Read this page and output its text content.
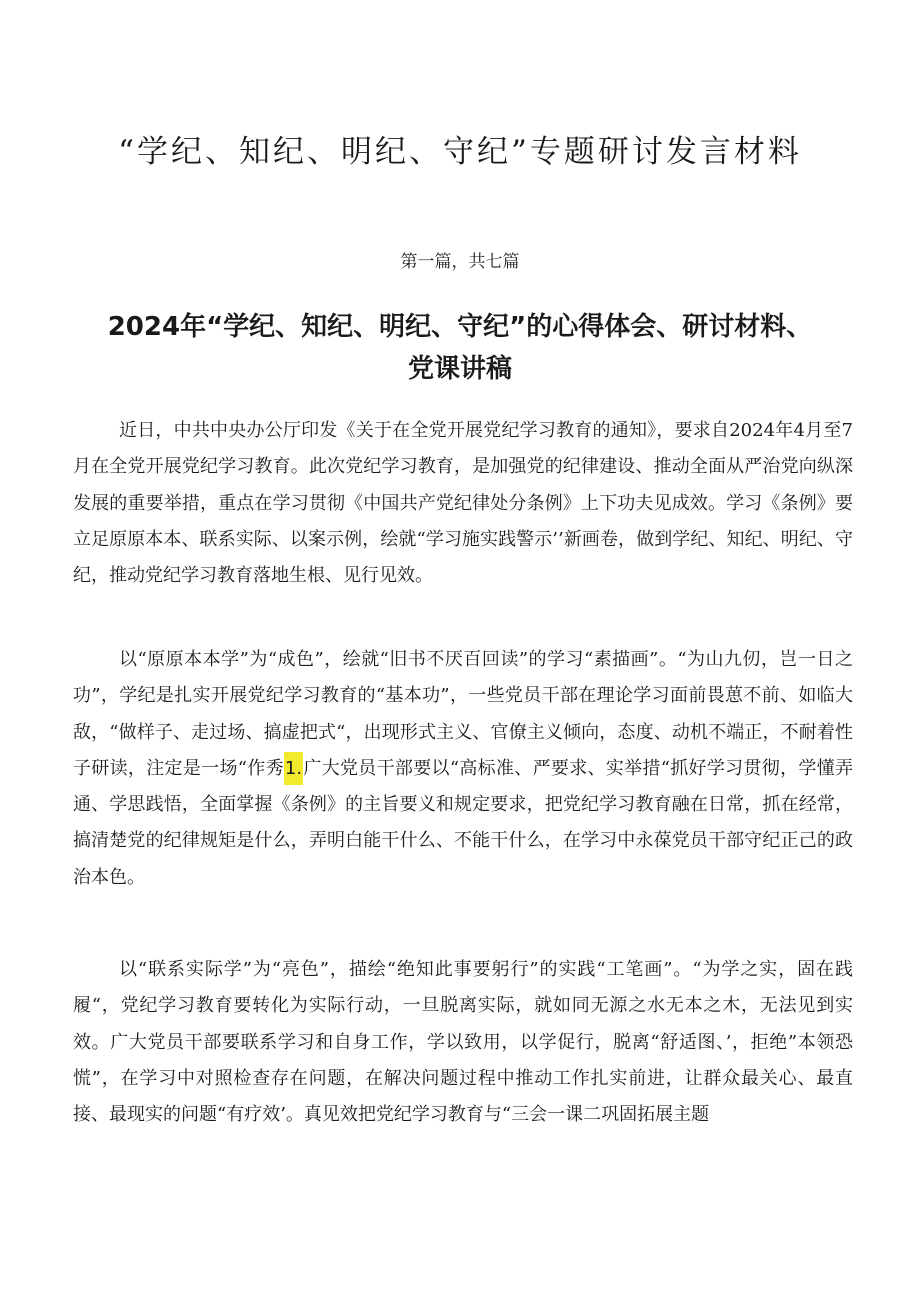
“学纪、知纪、明纪、守纪”专题研讨发言材料
第一篇，共七篇
2024年“学纪、知纪、明纪、守纪”的心得体会、研讨材料、党课讲稿

近日，中共中央办公厅印发《关于在全党开展党纪学习教育的通知》，要求自2024年4月至7月在全党开展党纪学习教育。此次党纪学习教育，是加强党的纪律建设、推动全面从严治党向纵深发展的重要举措，重点在学习贯彻《中国共产党纪律处分条例》上下功夫见成效。学习《条例》要立足原原本本、联系实际、以案示例，绘就“学习施实践警示’’新画卷，做到学纪、知纪、明纪、守纪，推动党纪学习教育落地生根、见行见效。

以“原原本本学”为“成色”，绘就“旧书不厌百回读”的学习“素描画”。“为山九仞，岂一日之功”，学纪是扎实开展党纪学习教育的“基本功”，一些党员干部在理论学习面前畏葸不前、如临大敌，“做样子、走过场、搞虚把式“，出现形式主义、官僚主义倾向，态度、动机不端正，不耐着性子研读，注定是一场“作秀1.广大党员干部要以“高标准、严要求、实举措“抓好学习贯彻，学懂弄通、学思践悟，全面掌握《条例》的主旨要义和规定要求，把党纪学习教育融在日常，抓在经常，搞清楚党的纪律规矩是什么，弄明白能干什么、不能干什么，在学习中永葆党员干部守纪正己的政治本色。

以“联系实际学”为“亮色”，描绘“绝知此事要躬行”的实践“工笔画”。“为学之实，固在践履“，党纪学习教育要转化为实际行动，一旦脱离实际，就如同无源之水无本之木，无法见到实效。广大党员干部要联系学习和自身工作，学以致用，以学促行，脱离“舒适图、’，拒绝”本领恐慌”，在学习中对照检查存在问题，在解决问题过程中推动工作扎实前进，让群众最关心、最直接、最现实的问题“有疗效’。真见效把党纪学习教育与“三会一课二巩固拓展主题
